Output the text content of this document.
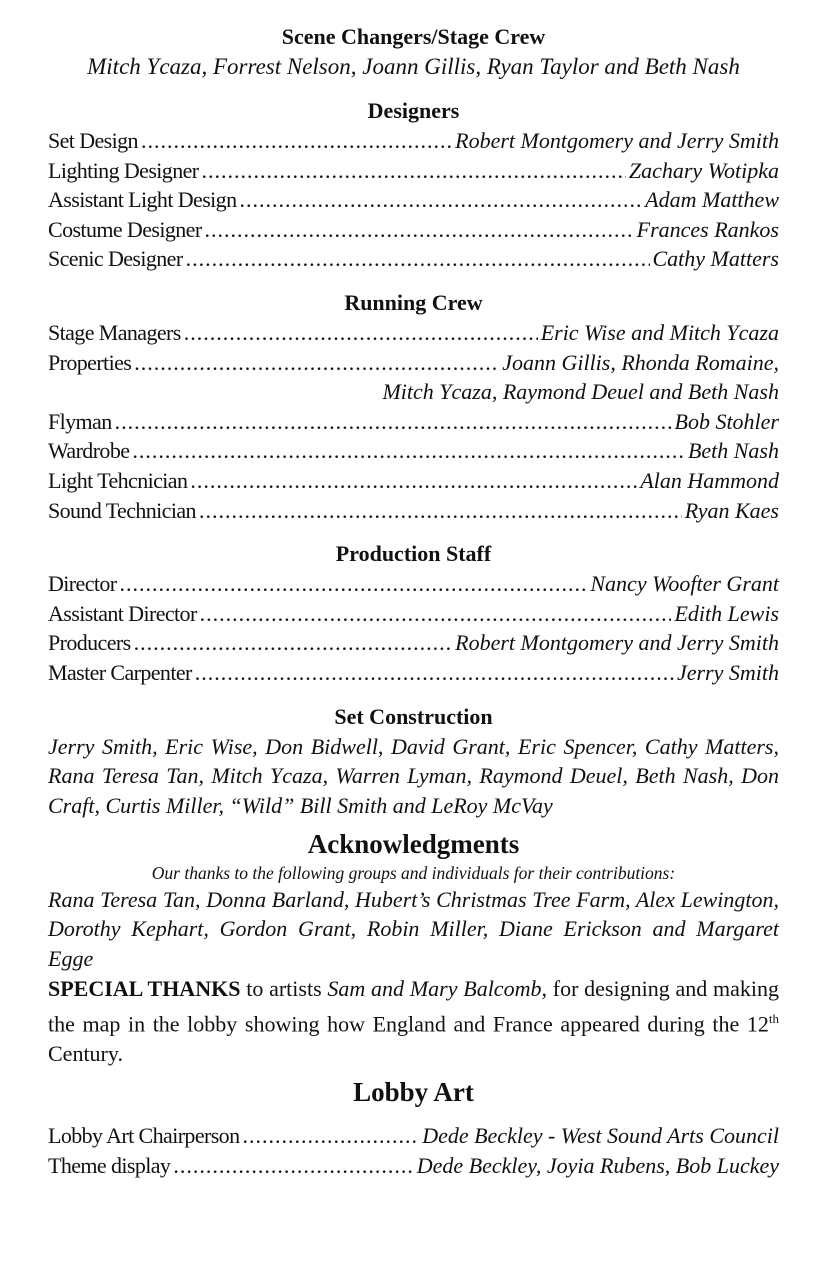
Scene Changers/Stage Crew
Mitch Ycaza, Forrest Nelson, Joann Gillis, Ryan Taylor and Beth Nash
Designers
Set Design .....	Robert Montgomery and Jerry Smith
Lighting Designer .....	Zachary Wotipka
Assistant Light Design .....	Adam Matthew
Costume Designer .....	Frances Rankos
Scenic Designer .....	Cathy Matters
Running Crew
Stage Managers .....	Eric Wise and Mitch Ycaza
Properties .....	Joann Gillis, Rhonda Romaine,
Mitch Ycaza, Raymond Deuel and Beth Nash
Flyman .....	Bob Stohler
Wardrobe .....	Beth Nash
Light Tehcnician .....	Alan Hammond
Sound Technician .....	Ryan Kaes
Production Staff
Director .....	Nancy Woofter Grant
Assistant Director .....	Edith Lewis
Producers .....	Robert Montgomery and Jerry Smith
Master Carpenter .....	Jerry Smith
Set Construction
Jerry Smith, Eric Wise, Don Bidwell, David Grant, Eric Spencer, Cathy Matters, Rana Teresa Tan, Mitch Ycaza, Warren Lyman, Raymond Deuel, Beth Nash, Don Craft, Curtis Miller, “Wild” Bill Smith and LeRoy McVay
Acknowledgments
Our thanks to the following groups and individuals for their contributions:
Rana Teresa Tan, Donna Barland, Hubert’s Christmas Tree Farm, Alex Lewington, Dorothy Kephart, Gordon Grant, Robin Miller, Diane Erickson and Margaret Egge
SPECIAL THANKS to artists Sam and Mary Balcomb, for designing and making the map in the lobby showing how England and France appeared during the 12th Century.
Lobby Art
Lobby Art Chairperson .....	Dede Beckley - West Sound Arts Council
Theme display .....	Dede Beckley, Joyia Rubens, Bob Luckey
